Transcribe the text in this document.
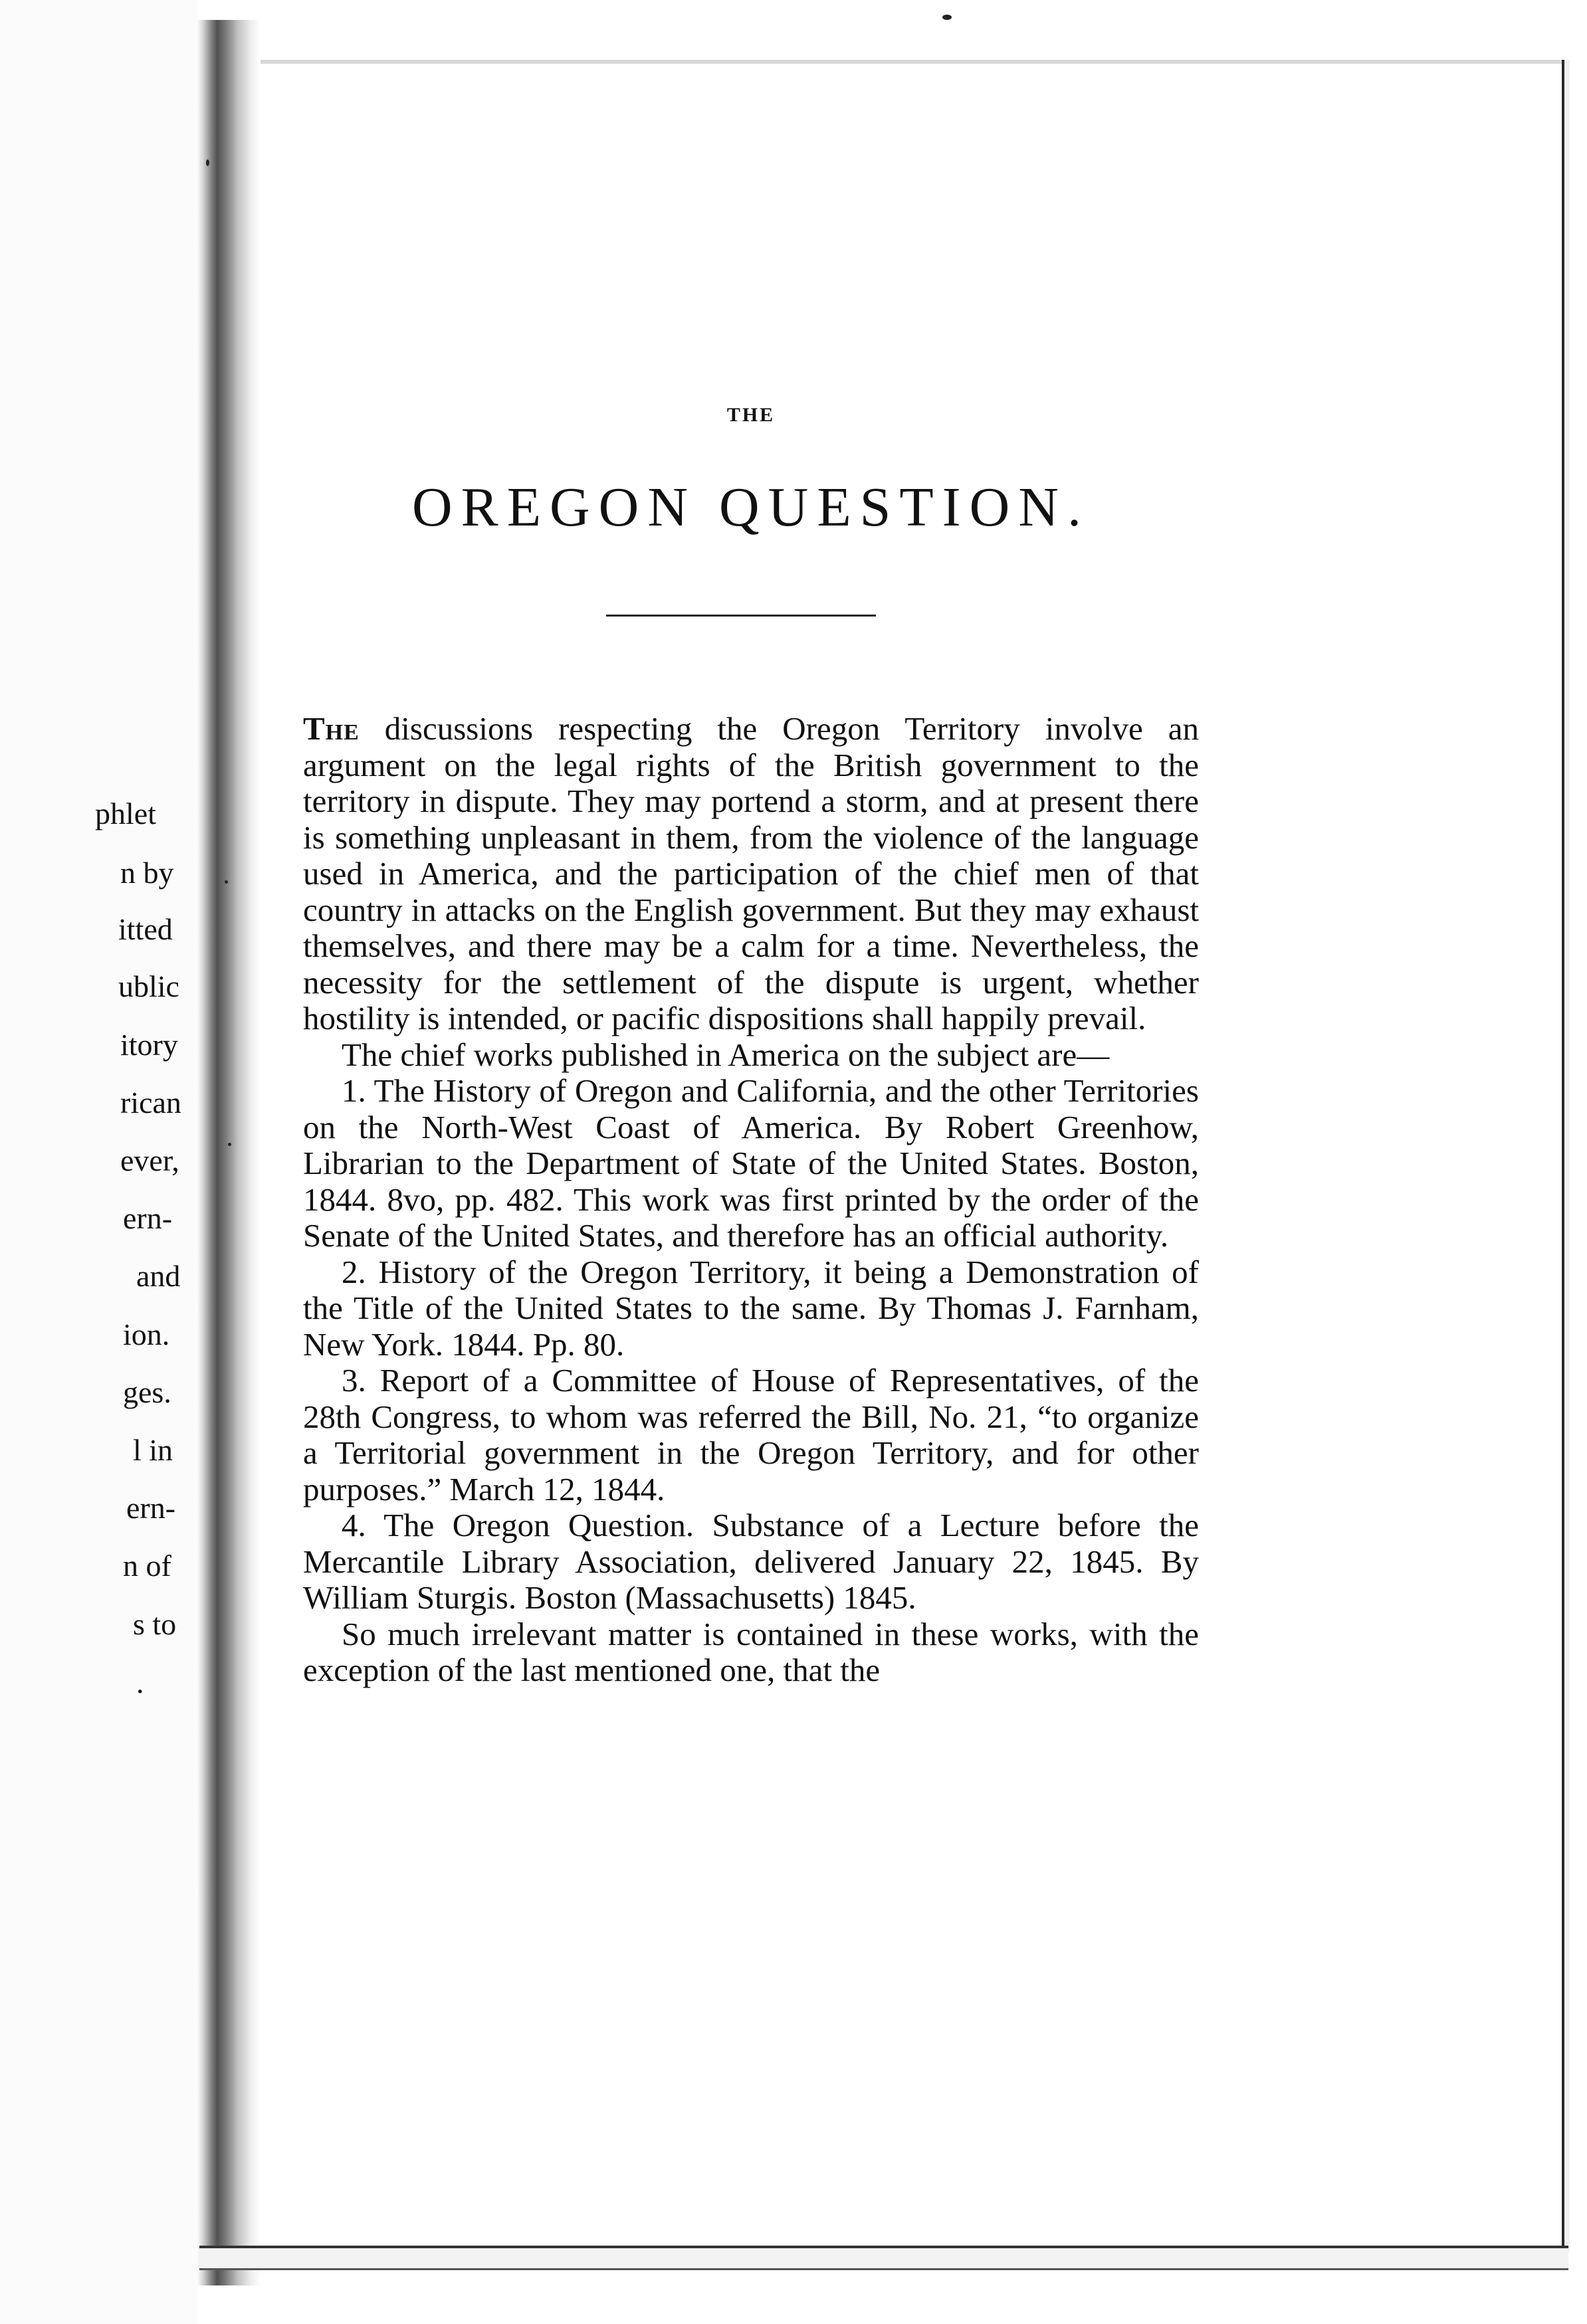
phlet
n by
itted
ublic
itory
rican
ever,
ern-
and
ion.
ges.
l in
ern-
n of
s to
.
THE
OREGON QUESTION.

The discussions respecting the Oregon Territory involve an argument on the legal rights of the British government to the territory in dispute. They may portend a storm, and at present there is something unpleasant in them, from the violence of the language used in America, and the participation of the chief men of that country in attacks on the English government. But they may exhaust themselves, and there may be a calm for a time. Nevertheless, the necessity for the settlement of the dispute is urgent, whether hostility is intended, or pacific dispositions shall happily prevail.

The chief works published in America on the subject are—

1. The History of Oregon and California, and the other Territories on the North-West Coast of America. By Robert Greenhow, Librarian to the Department of State of the United States. Boston, 1844. 8vo, pp. 482. This work was first printed by the order of the Senate of the United States, and therefore has an official authority.

2. History of the Oregon Territory, it being a Demonstration of the Title of the United States to the same. By Thomas J. Farnham, New York. 1844. Pp. 80.

3. Report of a Committee of House of Representatives, of the 28th Congress, to whom was referred the Bill, No. 21, “to organize a Territorial government in the Oregon Territory, and for other purposes.” March 12, 1844.

4. The Oregon Question. Substance of a Lecture before the Mercantile Library Association, delivered January 22, 1845. By William Sturgis. Boston (Massachusetts) 1845.

So much irrelevant matter is contained in these works, with the exception of the last mentioned one, that the
